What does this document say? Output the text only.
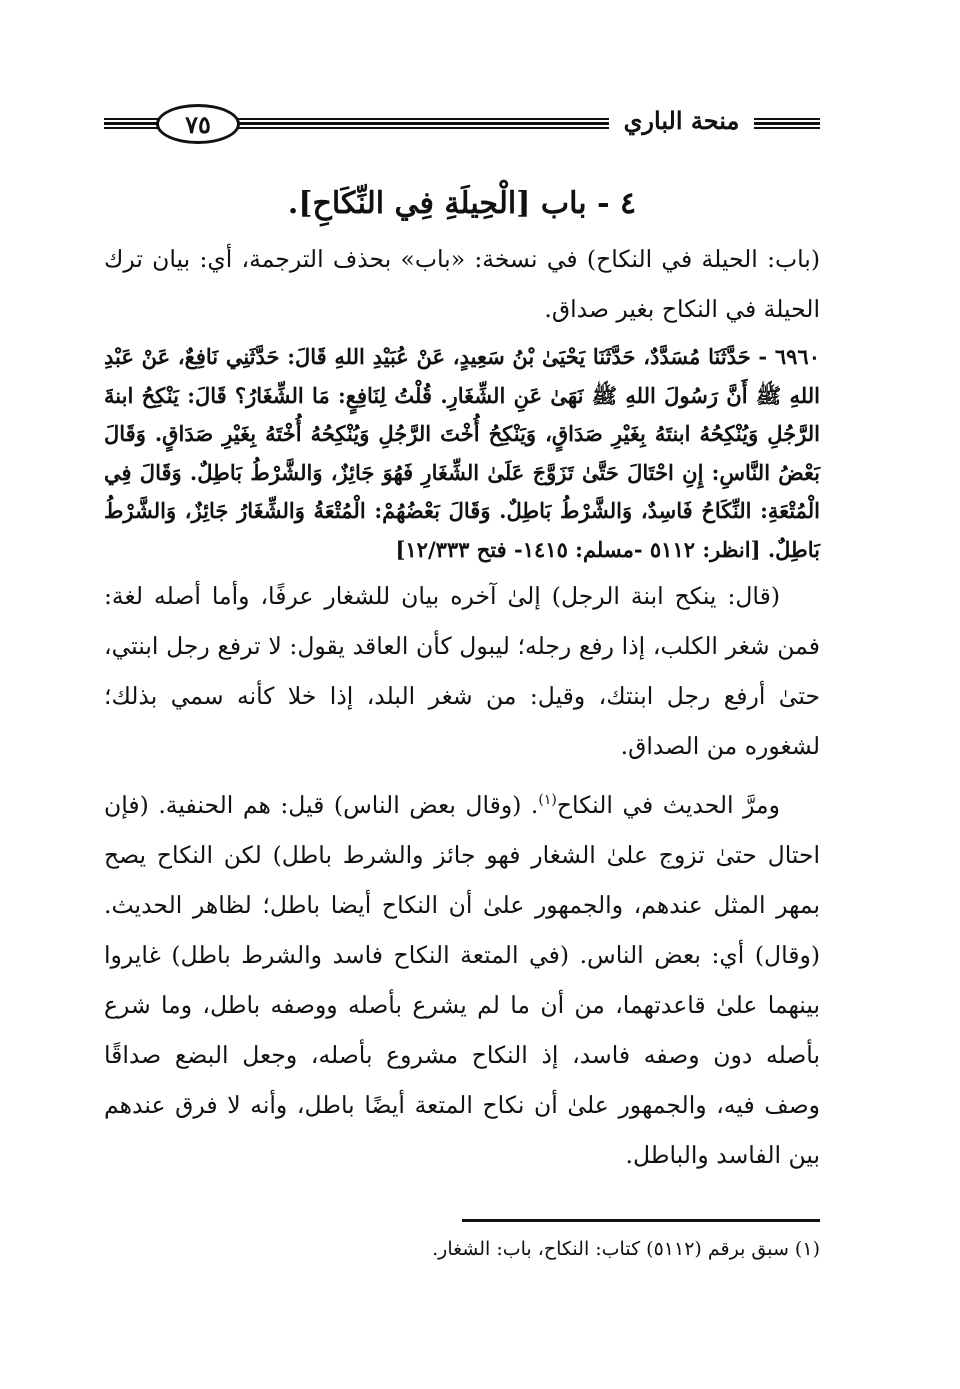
٧٥	منحة الباري
٤ - باب [الْحِيلَةِ فِي النِّكَاحِ].

(باب: الحيلة في النكاح) في نسخة: «باب» بحذف الترجمة، أي: بيان ترك الحيلة في النكاح بغير صداق.

٦٩٦٠ - حَدَّثَنَا مُسَدَّدٌ، حَدَّثَنَا يَحْيَىٰ بْنُ سَعِيدٍ، عَنْ عُبَيْدِ اللهِ قَالَ: حَدَّثَنِي نَافِعٌ، عَنْ عَبْدِ اللهِ ﷺ أَنَّ رَسُولَ اللهِ ﷺ نَهَىٰ عَنِ الشِّغَارِ. قُلْتُ لِنَافِعٍ: مَا الشِّغَارُ؟ قَالَ: يَنْكِحُ ابنةَ الرَّجُلِ وَيُنْكِحُهُ ابنتَهُ بِغَيْرِ صَدَاقٍ، وَيَنْكِحُ أُخْتَ الرَّجُلِ وَيُنْكِحُهُ أُخْتَهُ بِغَيْرِ صَدَاقٍ. وَقَالَ بَعْضُ النَّاسِ: إِنِ احْتَالَ حَتَّىٰ تَزَوَّجَ عَلَىٰ الشِّغَارِ فَهُوَ جَائِزٌ، وَالشَّرْطُ بَاطِلٌ. وَقَالَ فِي الْمُتْعَةِ: النِّكَاحُ فَاسِدٌ، وَالشَّرْطُ بَاطِلٌ. وَقَالَ بَعْضُهُمْ: الْمُتْعَةُ وَالشِّغَارُ جَائِزٌ، وَالشَّرْطُ بَاطِلٌ. [انظر: ٥١١٢ -مسلم: ١٤١٥- فتح ١٢/٣٣٣]

(قال: ينكح ابنة الرجل) إلىٰ آخره بيان للشغار عرفًا، وأما أصله لغة: فمن شغر الكلب، إذا رفع رجله؛ ليبول كأن العاقد يقول: لا ترفع رجل ابنتي، حتىٰ أرفع رجل ابنتك، وقيل: من شغر البلد، إذا خلا كأنه سمي بذلك؛ لشغوره من الصداق.

ومرَّ الحديث في النكاح$^{(١)}$. (وقال بعض الناس) قيل: هم الحنفية. (فإن احتال حتىٰ تزوج علىٰ الشغار فهو جائز والشرط باطل) لكن النكاح يصح بمهر المثل عندهم، والجمهور علىٰ أن النكاح أيضا باطل؛ لظاهر الحديث. (وقال) أي: بعض الناس. (في المتعة النكاح فاسد والشرط باطل) غايروا بينهما علىٰ قاعدتهما، من أن ما لم يشرع بأصله ووصفه باطل، وما شرع بأصله دون وصفه فاسد، إذ النكاح مشروع بأصله، وجعل البضع صداقًا وصف فيه، والجمهور علىٰ أن نكاح المتعة أيضًا باطل، وأنه لا فرق عندهم بين الفاسد والباطل.

(١) سبق برقم (٥١١٢) كتاب: النكاح، باب: الشغار.
